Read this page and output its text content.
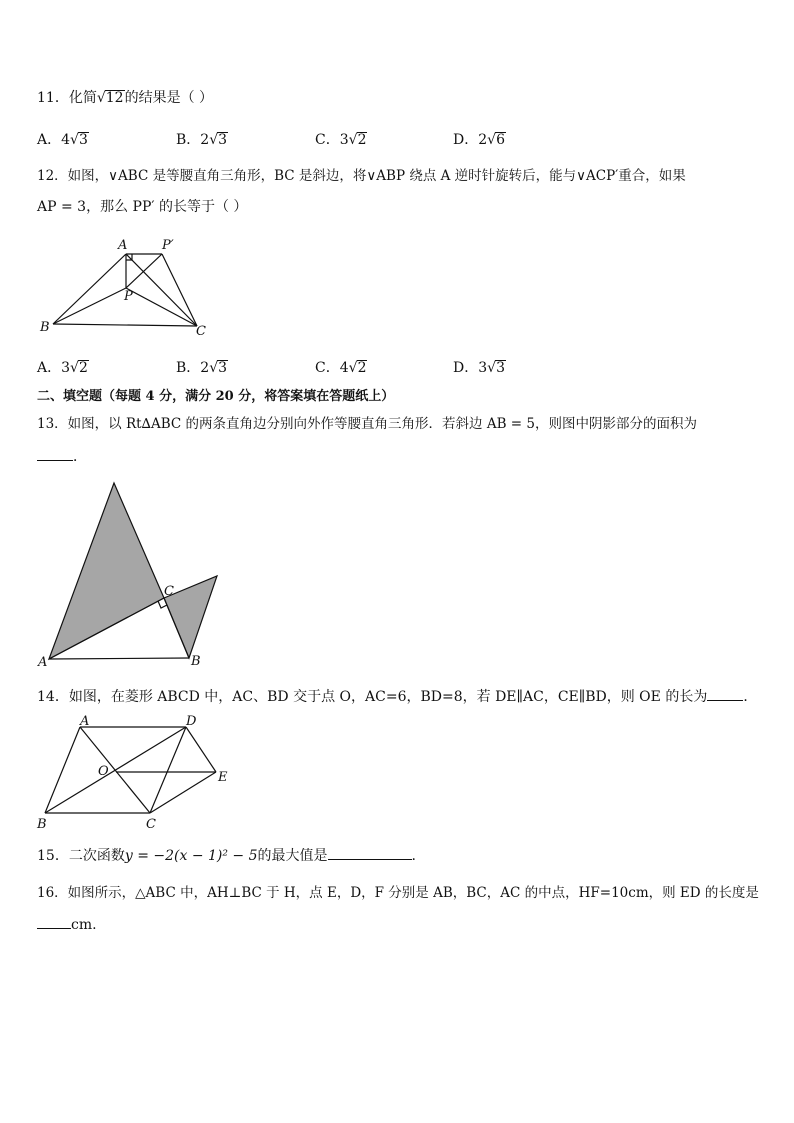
11．化简√12的结果是（ ）
A．4√3	B．2√3	C．3√2	D．2√6
12．如图，∨ABC 是等腰直角三角形，BC 是斜边，将∨ABP 绕点 A 逆时针旋转后，能与∨ACP′重合，如果
AP = 3，那么 PP′ 的长等于（ ）
A	P′
P
B	C
A．3√2	B．2√3	C．4√2	D．3√3
二、填空题（每题 4 分，满分 20 分，将答案填在答题纸上）
13．如图，以 Rt∆ABC 的两条直角边分别向外作等腰直角三角形．若斜边 AB = 5，则图中阴影部分的面积为
．
A	B
C
14．如图，在菱形 ABCD 中，AC、BD 交于点 O，AC=6，BD=8，若 DE∥AC，CE∥BD，则 OE 的长为	．
A	D
E
O
B	C
15．二次函数y = −2(x − 1)² − 5的最大值是	.
16．如图所示，△ABC 中，AH⊥BC 于 H，点 E，D，F 分别是 AB，BC，AC 的中点，HF=10cm，则 ED 的长度是
cm.
